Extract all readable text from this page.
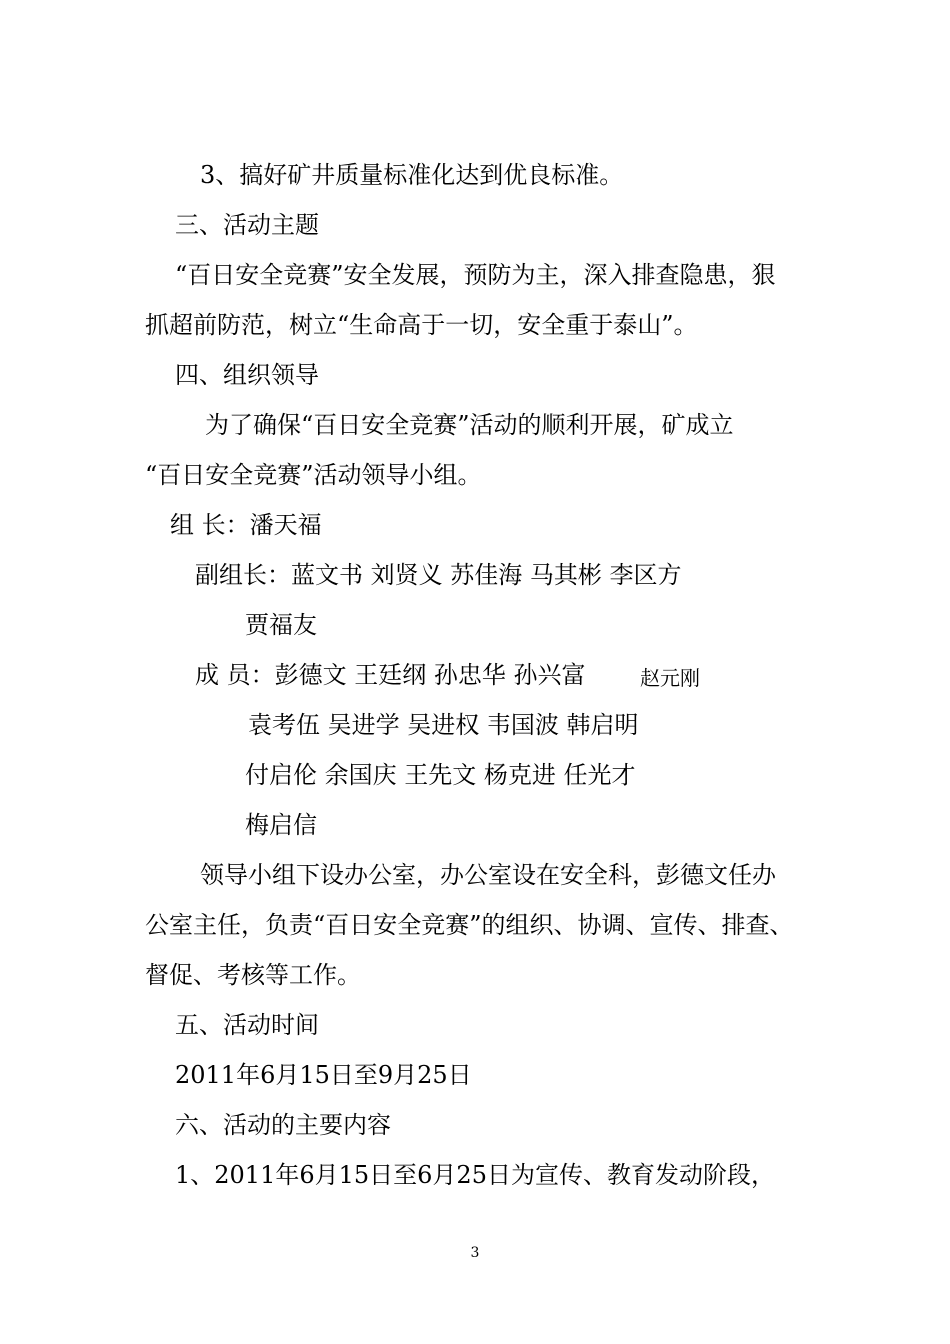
3、搞好矿井质量标准化达到优良标准。
三、活动主题
“百日安全竞赛”安全发展，预防为主，深入排查隐患，狠
抓超前防范，树立“生命高于一切，安全重于泰山”。
四、组织领导
为了确保“百日安全竞赛”活动的顺利开展，矿成立
“百日安全竞赛”活动领导小组。
组 长：潘天福
副组长：蓝文书 刘贤义 苏佳海 马其彬 李区方
贾福友
成 员：彭德文 王廷纲 孙忠华 孙兴富	赵元刚
袁考伍 吴进学 吴进权 韦国波 韩启明
付启伦 余国庆 王先文 杨克进 任光才
梅启信
领导小组下设办公室，办公室设在安全科，彭德文任办
公室主任，负责“百日安全竞赛”的组织、协调、宣传、排查、
督促、考核等工作。
五、活动时间
2011年6月15日至9月25日
六、活动的主要内容
1、2011年6月15日至6月25日为宣传、教育发动阶段，
3
